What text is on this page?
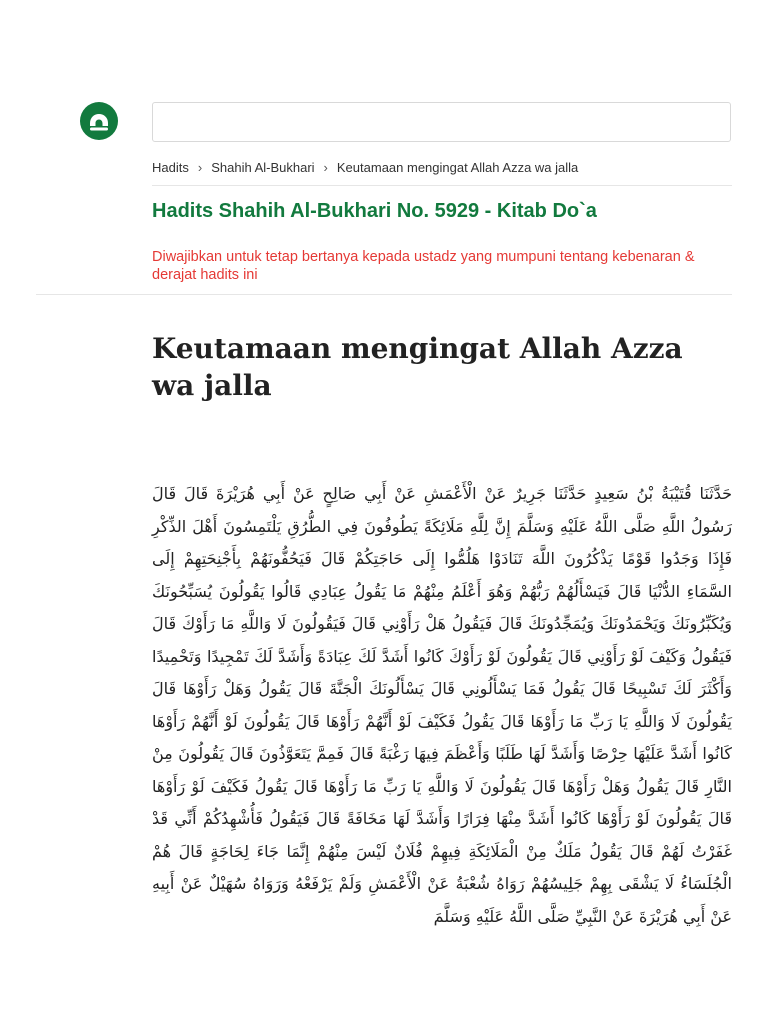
Hadits › Shahih Al-Bukhari › Keutamaan mengingat Allah Azza wa jalla
Hadits Shahih Al-Bukhari No. 5929 - Kitab Do`a

Diwajibkan untuk tetap bertanya kepada ustadz yang mumpuni tentang kebenaran & derajat hadits ini

Keutamaan mengingat Allah Azza wa jalla

حَدَّثَنَا قُتَيْبَةُ بْنُ سَعِيدٍ حَدَّثَنَا جَرِيرٌ عَنْ الْأَعْمَشِ عَنْ أَبِي صَالِحٍ عَنْ أَبِي هُرَيْرَةَ قَالَ قَالَ رَسُولُ اللَّهِ صَلَّى اللَّهُ عَلَيْهِ وَسَلَّمَ إِنَّ لِلَّهِ مَلَائِكَةً يَطُوفُونَ فِي الطُّرُقِ يَلْتَمِسُونَ أَهْلَ الذِّكْرِ فَإِذَا وَجَدُوا قَوْمًا يَذْكُرُونَ اللَّهَ تَنَادَوْا هَلُمُّوا إِلَى حَاجَتِكُمْ قَالَ فَيَحُفُّونَهُمْ بِأَجْنِحَتِهِمْ إِلَى السَّمَاءِ الدُّنْيَا قَالَ فَيَسْأَلُهُمْ رَبُّهُمْ وَهُوَ أَعْلَمُ مِنْهُمْ مَا يَقُولُ عِبَادِي قَالُوا يَقُولُونَ يُسَبِّحُونَكَ وَيُكَبِّرُونَكَ وَيَحْمَدُونَكَ وَيُمَجِّدُونَكَ قَالَ فَيَقُولُ هَلْ رَأَوْنِي قَالَ فَيَقُولُونَ لَا وَاللَّهِ مَا رَأَوْكَ قَالَ فَيَقُولُ وَكَيْفَ لَوْ رَأَوْنِي قَالَ يَقُولُونَ لَوْ رَأَوْكَ كَانُوا أَشَدَّ لَكَ عِبَادَةً وَأَشَدَّ لَكَ تَمْجِيدًا وَتَحْمِيدًا وَأَكْثَرَ لَكَ تَسْبِيحًا قَالَ يَقُولُ فَمَا يَسْأَلُونِي قَالَ يَسْأَلُونَكَ الْجَنَّةَ قَالَ يَقُولُ وَهَلْ رَأَوْهَا قَالَ يَقُولُونَ لَا وَاللَّهِ يَا رَبِّ مَا رَأَوْهَا قَالَ يَقُولُ فَكَيْفَ لَوْ أَنَّهُمْ رَأَوْهَا قَالَ يَقُولُونَ لَوْ أَنَّهُمْ رَأَوْهَا كَانُوا أَشَدَّ عَلَيْهَا حِرْصًا وَأَشَدَّ لَهَا طَلَبًا وَأَعْظَمَ فِيهَا رَغْبَةً قَالَ فَمِمَّ يَتَعَوَّذُونَ قَالَ يَقُولُونَ مِنْ النَّارِ قَالَ يَقُولُ وَهَلْ رَأَوْهَا قَالَ يَقُولُونَ لَا وَاللَّهِ يَا رَبِّ مَا رَأَوْهَا قَالَ يَقُولُ فَكَيْفَ لَوْ رَأَوْهَا قَالَ يَقُولُونَ لَوْ رَأَوْهَا كَانُوا أَشَدَّ مِنْهَا فِرَارًا وَأَشَدَّ لَهَا مَخَافَةً قَالَ فَيَقُولُ فَأُشْهِدُكُمْ أَنِّي قَدْ غَفَرْتُ لَهُمْ قَالَ يَقُولُ مَلَكٌ مِنْ الْمَلَائِكَةِ فِيهِمْ فُلَانٌ لَيْسَ مِنْهُمْ إِنَّمَا جَاءَ لِحَاجَةٍ قَالَ هُمْ الْجُلَسَاءُ لَا يَشْقَى بِهِمْ جَلِيسُهُمْ رَوَاهُ شُعْبَةُ عَنْ الْأَعْمَشِ وَلَمْ يَرْفَعْهُ وَرَوَاهُ سُهَيْلٌ عَنْ أَبِيهِ عَنْ أَبِي هُرَيْرَةَ عَنْ النَّبِيِّ صَلَّى اللَّهُ عَلَيْهِ وَسَلَّمَ
